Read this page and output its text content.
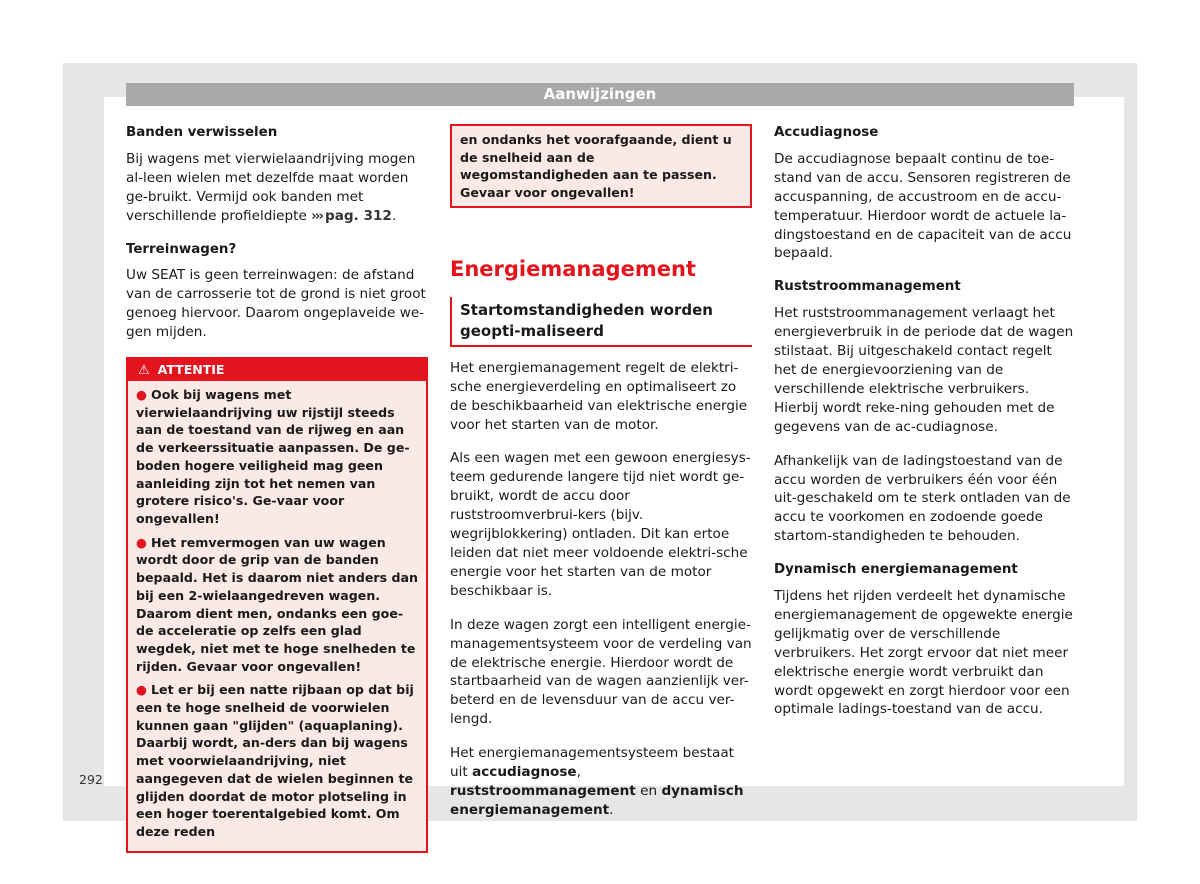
Aanwijzingen
Banden verwisselen

Bij wagens met vierwielaandrijving mogen al-leen wielen met dezelfde maat worden ge-bruikt. Vermijd ook banden met verschillende profieldiepte ››› pag. 312.

Terreinwagen?

Uw SEAT is geen terreinwagen: de afstand van de carrosserie tot de grond is niet groot genoeg hiervoor. Daarom ongeplaveide we-gen mijden.

⚠ ATTENTIE
● Ook bij wagens met vierwielaandrijving uw rijstijl steeds aan de toestand van de rijweg en aan de verkeerssituatie aanpassen. De ge-boden hogere veiligheid mag geen aanleiding zijn tot het nemen van grotere risico's. Ge-vaar voor ongevallen!
● Het remvermogen van uw wagen wordt door de grip van de banden bepaald. Het is daarom niet anders dan bij een 2-wielaangedreven wagen. Daarom dient men, ondanks een goe-de acceleratie op zelfs een glad wegdek, niet met te hoge snelheden te rijden. Gevaar voor ongevallen!
● Let er bij een natte rijbaan op dat bij een te hoge snelheid de voorwielen kunnen gaan "glijden" (aquaplaning). Daarbij wordt, an-ders dan bij wagens met voorwielaandrijving, niet aangegeven dat de wielen beginnen te glijden doordat de motor plotseling in een hoger toerentalgebied komt. Om deze reden
en ondanks het voorafgaande, dient u de snelheid aan de wegomstandigheden aan te passen. Gevaar voor ongevallen!
Energiemanagement
Startomstandigheden worden geopti-maliseerd

Het energiemanagement regelt de elektri-sche energieverdeling en optimaliseert zo de beschikbaarheid van elektrische energie voor het starten van de motor.

Als een wagen met een gewoon energiesys-teem gedurende langere tijd niet wordt ge-bruikt, wordt de accu door ruststroomverbrui-kers (bijv. wegrijblokkering) ontladen. Dit kan ertoe leiden dat niet meer voldoende elektri-sche energie voor het starten van de motor beschikbaar is.

In deze wagen zorgt een intelligent energie-managementsysteem voor de verdeling van de elektrische energie. Hierdoor wordt de startbaarheid van de wagen aanzienlijk ver-beterd en de levensduur van de accu ver-lengd.

Het energiemanagementsysteem bestaat uit accudiagnose, ruststroommanagement en dynamisch energiemanagement.

Accudiagnose

De accudiagnose bepaalt continu de toe-stand van de accu. Sensoren registreren de accuspanning, de accustroom en de accu-temperatuur. Hierdoor wordt de actuele la-dingstoestand en de capaciteit van de accu bepaald.

Ruststroommanagement

Het ruststroommanagement verlaagt het energieverbruik in de periode dat de wagen stilstaat. Bij uitgeschakeld contact regelt het de energievoorziening van de verschillende elektrische verbruikers. Hierbij wordt reke-ning gehouden met de gegevens van de ac-cudiagnose.

Afhankelijk van de ladingstoestand van de accu worden de verbruikers één voor één uit-geschakeld om te sterk ontladen van de accu te voorkomen en zodoende goede startom-standigheden te behouden.

Dynamisch energiemanagement

Tijdens het rijden verdeelt het dynamische energiemanagement de opgewekte energie gelijkmatig over de verschillende verbruikers. Het zorgt ervoor dat niet meer elektrische energie wordt verbruikt dan wordt opgewekt en zorgt hierdoor voor een optimale ladings-toestand van de accu.

292
